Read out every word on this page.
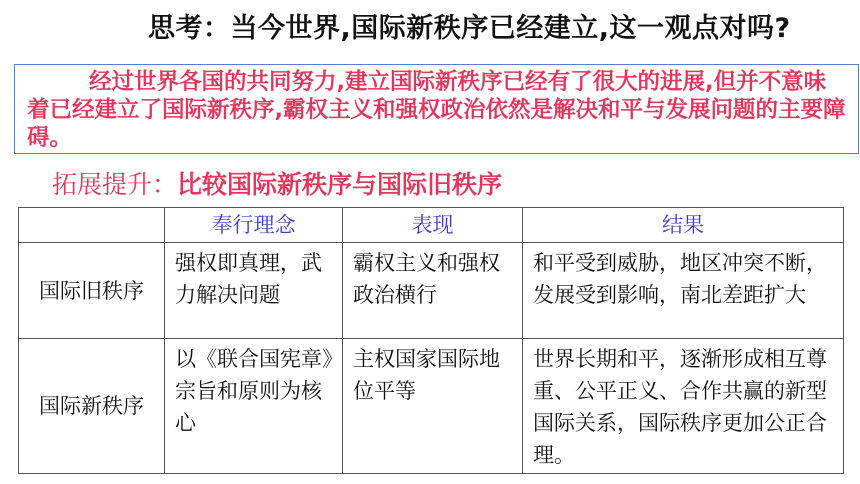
思考：当今世界,国际新秩序已经建立,这一观点对吗?
经过世界各国的共同努力,建立国际新秩序已经有了很大的进展,但并不意味着已经建立了国际新秩序,霸权主义和强权政治依然是解决和平与发展问题的主要障碍。
拓展提升：比较国际新秩序与国际旧秩序
	奉行理念	表现	结果
国际旧秩序	强权即真理，武力解决问题	霸权主义和强权政治横行	和平受到威胁，地区冲突不断，发展受到影响，南北差距扩大
国际新秩序	以《联合国宪章》宗旨和原则为核心	主权国家国际地位平等	世界长期和平，逐渐形成相互尊重、公平正义、合作共赢的新型国际关系，国际秩序更加公正合理。
